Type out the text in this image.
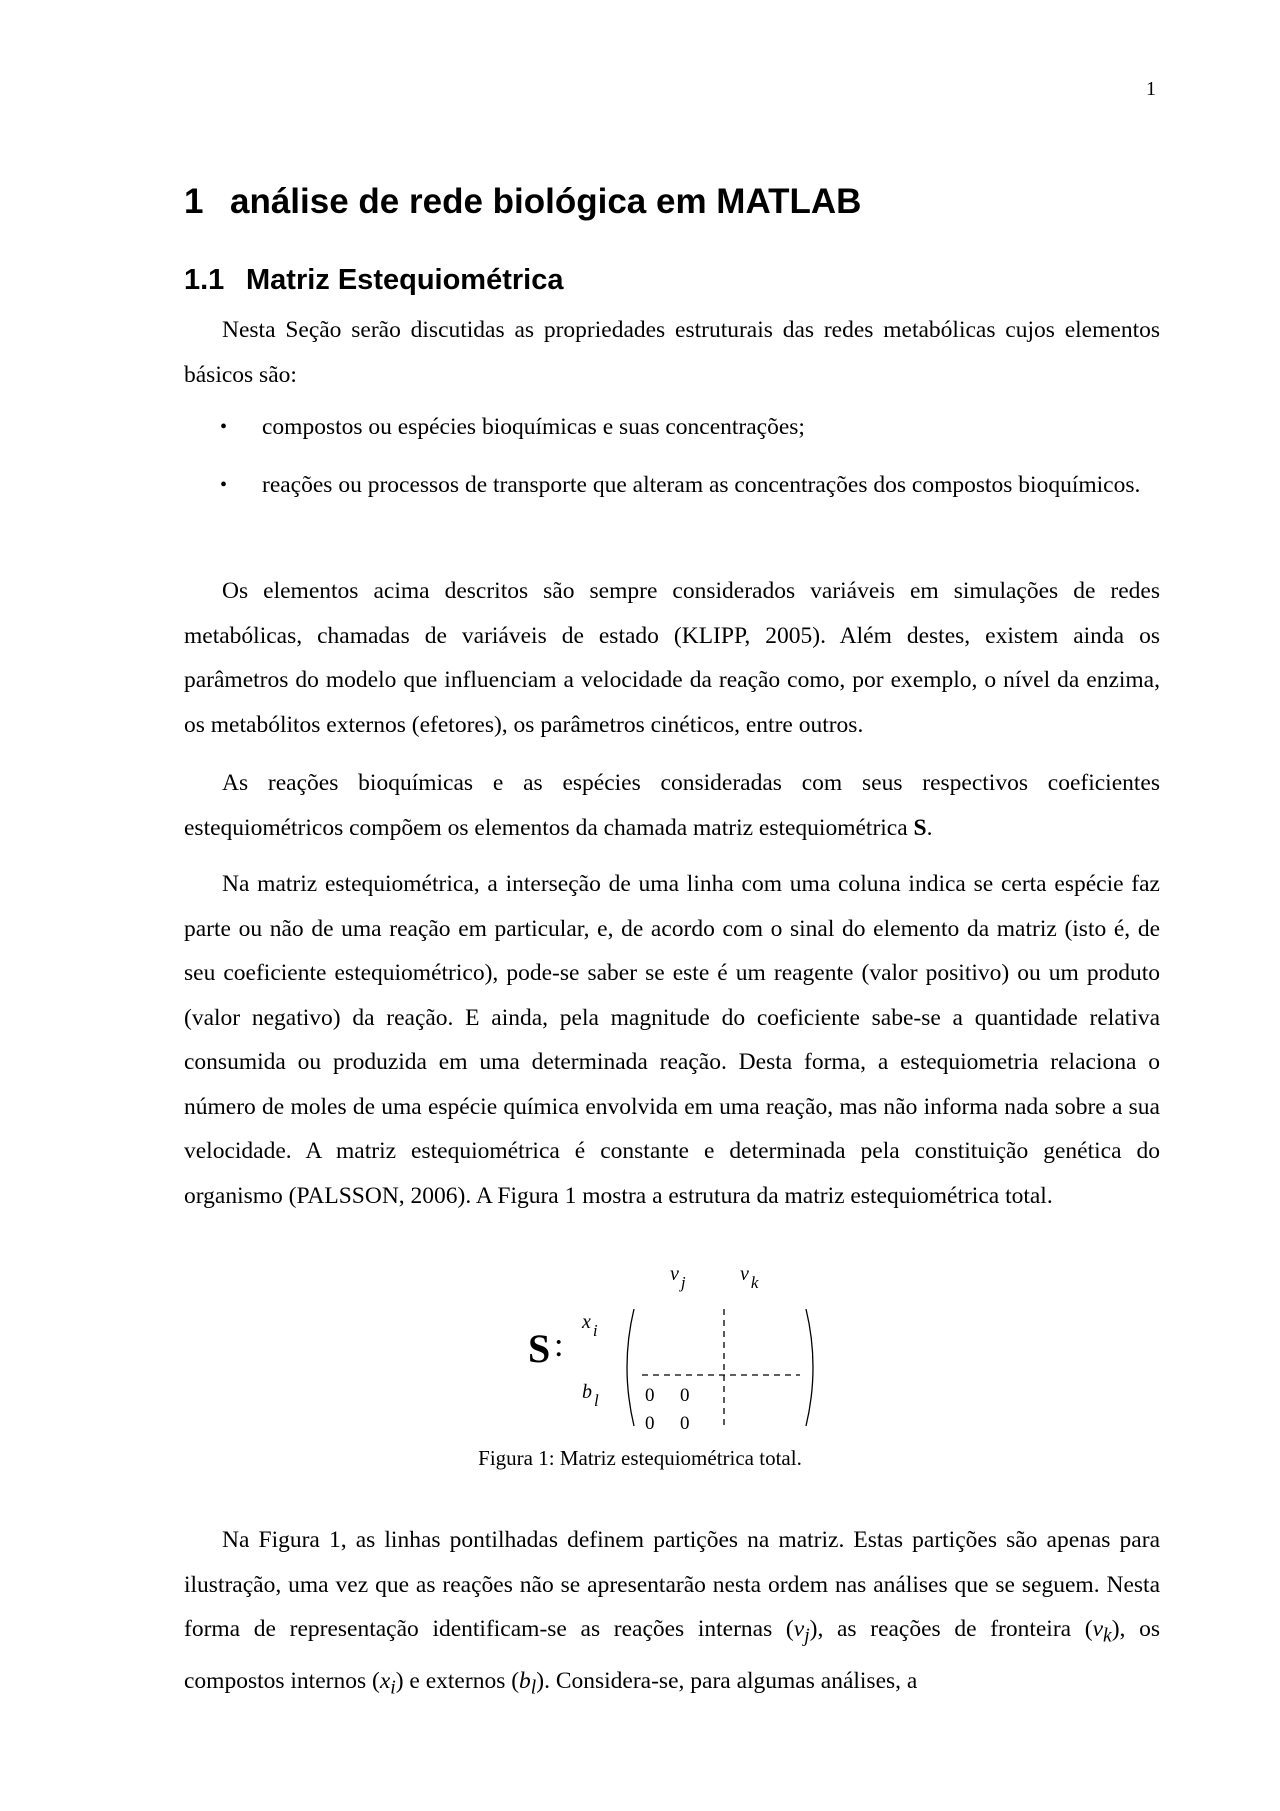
1
1 análise de rede biológica em MATLAB
1.1 Matriz Estequiométrica

Nesta Seção serão discutidas as propriedades estruturais das redes metabólicas cujos elementos básicos são:

• compostos ou espécies bioquímicas e suas concentrações;
• reações ou processos de transporte que alteram as concentrações dos compostos bioquímicos.

Os elementos acima descritos são sempre considerados variáveis em simulações de redes metabólicas, chamadas de variáveis de estado (KLIPP, 2005). Além destes, existem ainda os parâmetros do modelo que influenciam a velocidade da reação como, por exemplo, o nível da enzima, os metabólitos externos (efetores), os parâmetros cinéticos, entre outros.

As reações bioquímicas e as espécies consideradas com seus respectivos coeficientes estequiométricos compõem os elementos da chamada matriz estequiométrica S.

Na matriz estequiométrica, a interseção de uma linha com uma coluna indica se certa espécie faz parte ou não de uma reação em particular, e, de acordo com o sinal do elemento da matriz (isto é, de seu coeficiente estequiométrico), pode-se saber se este é um reagente (valor positivo) ou um produto (valor negativo) da reação. E ainda, pela magnitude do coeficiente sabe-se a quantidade relativa consumida ou produzida em uma determinada reação. Desta forma, a estequiometria relaciona o número de moles de uma espécie química envolvida em uma reação, mas não informa nada sobre a sua velocidade. A matriz estequiométrica é constante e determinada pela constituição genética do organismo (PALSSON, 2006). A Figura 1 mostra a estrutura da matriz estequiométrica total.

S :
v $_j$	v $_k$
x $_i$
b $_l$ 0 0
0 0
Figura 1: Matriz estequiométrica total.

Na Figura 1, as linhas pontilhadas definem partições na matriz. Estas partições são apenas para ilustração, uma vez que as reações não se apresentarão nesta ordem nas análises que se seguem. Nesta forma de representação identificam-se as reações internas $(v_j)$, as reações de fronteira $(v_k)$, os compostos internos $(x_i)$ e externos $(b_l)$. Considera-se, para algumas análises, a
